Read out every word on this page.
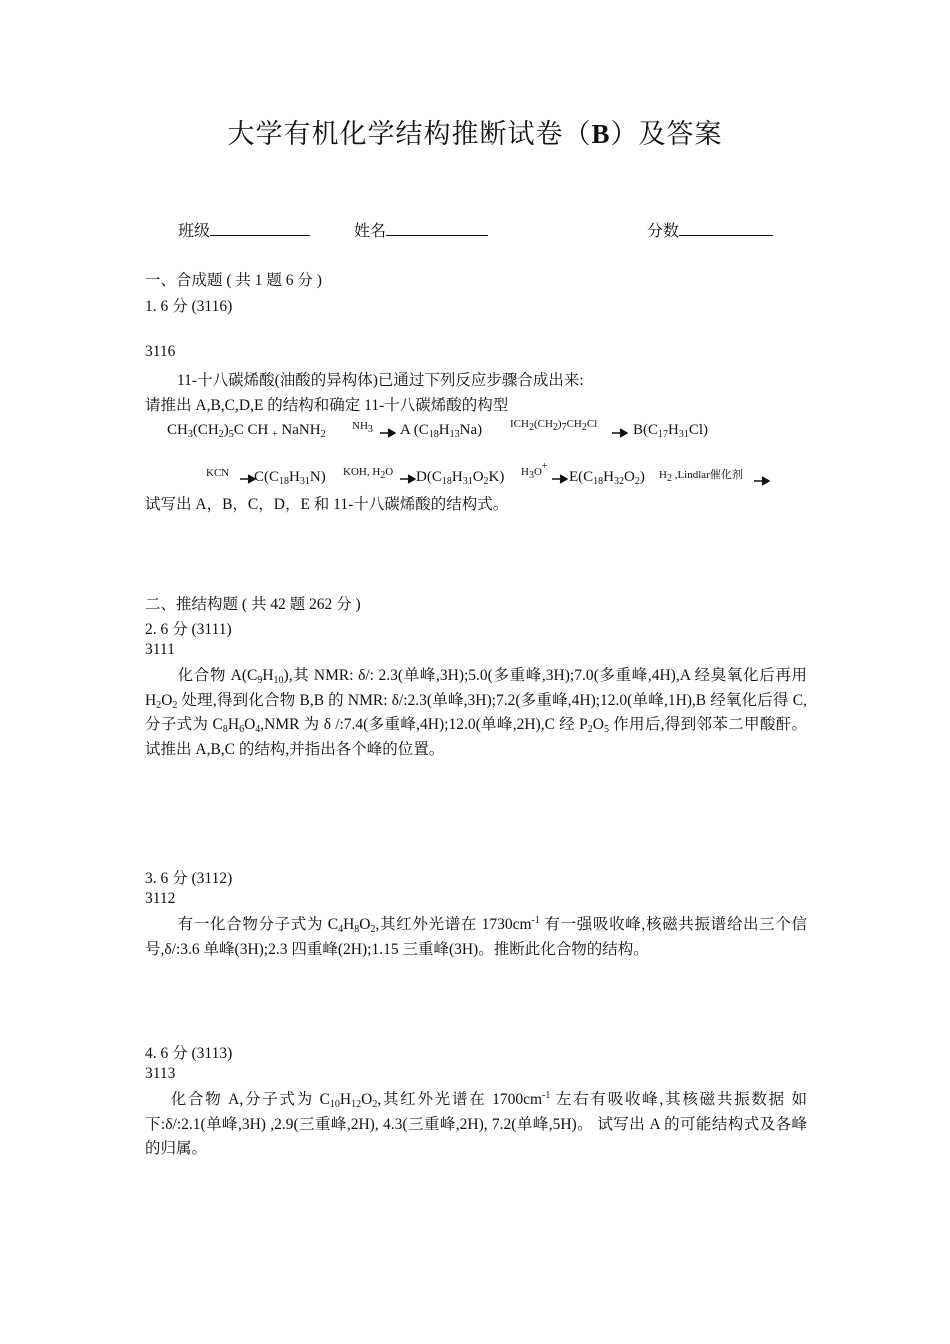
大学有机化学结构推断试卷（B）及答案
班级	姓名	分数
一、合成题 ( 共 1 题 6 分 )
1. 6 分 (3116)
3116
11-十八碳烯酸(油酸的异构体)已通过下列反应步骤合成出来:
请推出 A,B,C,D,E 的结构和确定 11-十八碳烯酸的构型
$CH_3(CH_2)_5C$ CH $_+$ NaNH$_2$
$NH_3$ A $(C_{18}H_{13}Na)$	$ICH_2(CH_2)_7CH_2Cl$ $B(C_{17}H_{31}Cl)$
KCN $C(C_{18}H_{31}N)$ KOH, $H_2O$ $D(C_{18}H_{31}O_2K)$ $H_3O^+$
$E(C_{18}H_{32}O_2)$ $H_2$ ,Lindlar催化剂
试写出 A，B，C，D，E 和 11-十八碳烯酸的结构式。
二、推结构题 ( 共 42 题 262 分 )
2. 6 分 (3111)
3111
化合物 $A(C_9H_{10})$,其 NMR: δ/: 2.3(单峰,3H);5.0(多重峰,3H);7.0(多重峰,4H),A 经臭氧化后再用 $H_2O_2$ 处理,得到化合物 B,B 的 NMR: δ/:2.3(单峰,3H);7.2(多重峰,4H);12.0(单峰,1H),B 经氧化后得 C,分子式为 $C_8H_6O_4,NMR$ 为 δ /:7.4(多重峰,4H);12.0(单峰,2H),C 经 $P_2O_5$ 作用后,得到邻苯二甲酸酐。试推出 A,B,C 的结构,并指出各个峰的位置。
3. 6 分 (3112)
3112
有一化合物分子式为 $C_4H_8O_2$,其红外光谱在 $1730cm^{-1}$ 有一强吸收峰,核磁共振谱给出三个信号,δ/:3.6 单峰(3H);2.3 四重峰(2H);1.15 三重峰(3H)。推断此化合物的结构。
4. 6 分 (3113)
3113
化合物 A,分子式为 $C_{10}H_{12}O_2$,其红外光谱在 $1700cm^{-1}$ 左右有吸收峰,其核磁共振数据 如下:δ/:2.1(单峰,3H) ,2.9(三重峰,2H), 4.3(三重峰,2H), 7.2(单峰,5H)。 试写出 A 的可能结构式及各峰的归属。
